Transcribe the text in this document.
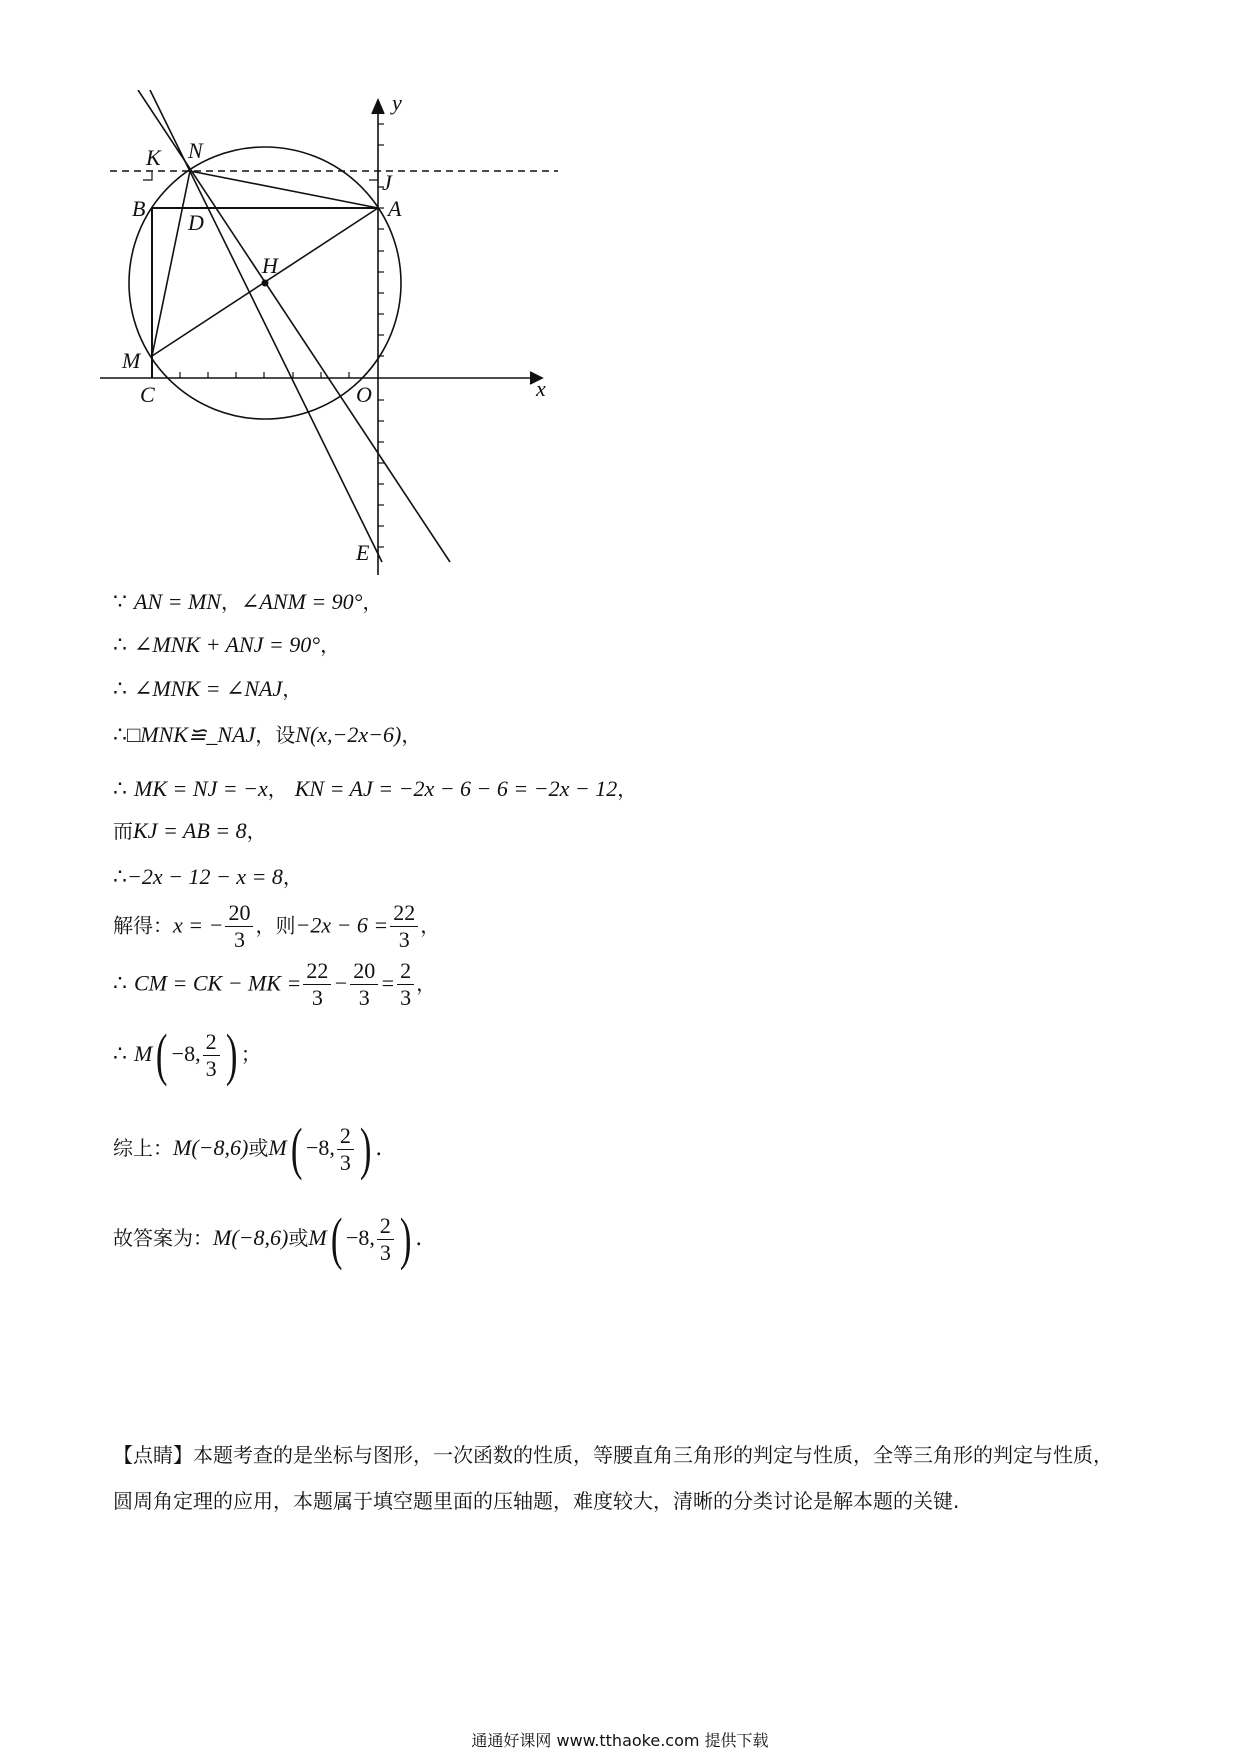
y
x
K N
J
B	A
D
H
M
C	O
E
∵ AN = MN，∠ANM = 90°，
∴ ∠MNK + ANJ = 90°，
∴ ∠MNK = ∠NAJ，
∴□MNK≌_NAJ，设N(x,−2x−6)，
∴ MK = NJ = −x， KN = AJ = −2x − 6 − 6 = −2x − 12，
而KJ = AB = 8，
∴−2x − 12 − x = 8，
解得：x = − $\frac{20}{3}$ ，则$-2x - 6 = \frac{22}{3}$ ，
∴ CM = CK − MK = $\frac{22}{3} - \frac{20}{3} = \frac{2}{3}$ ，
∴ M( −8, $\frac{2}{3}$ ) ；
综上：M(−8,6)或M( −8, $\frac{2}{3}$ ) .
故答案为：M(−8,6)或M( −8, $\frac{2}{3}$ ) .
【点睛】本题考查的是坐标与图形，一次函数的性质，等腰直角三角形的判定与性质，全等三角形的判定与性质，圆周角定理的应用，本题属于填空题里面的压轴题，难度较大，清晰的分类讨论是解本题的关键.
通通好课网 www.tthaoke.com 提供下载
